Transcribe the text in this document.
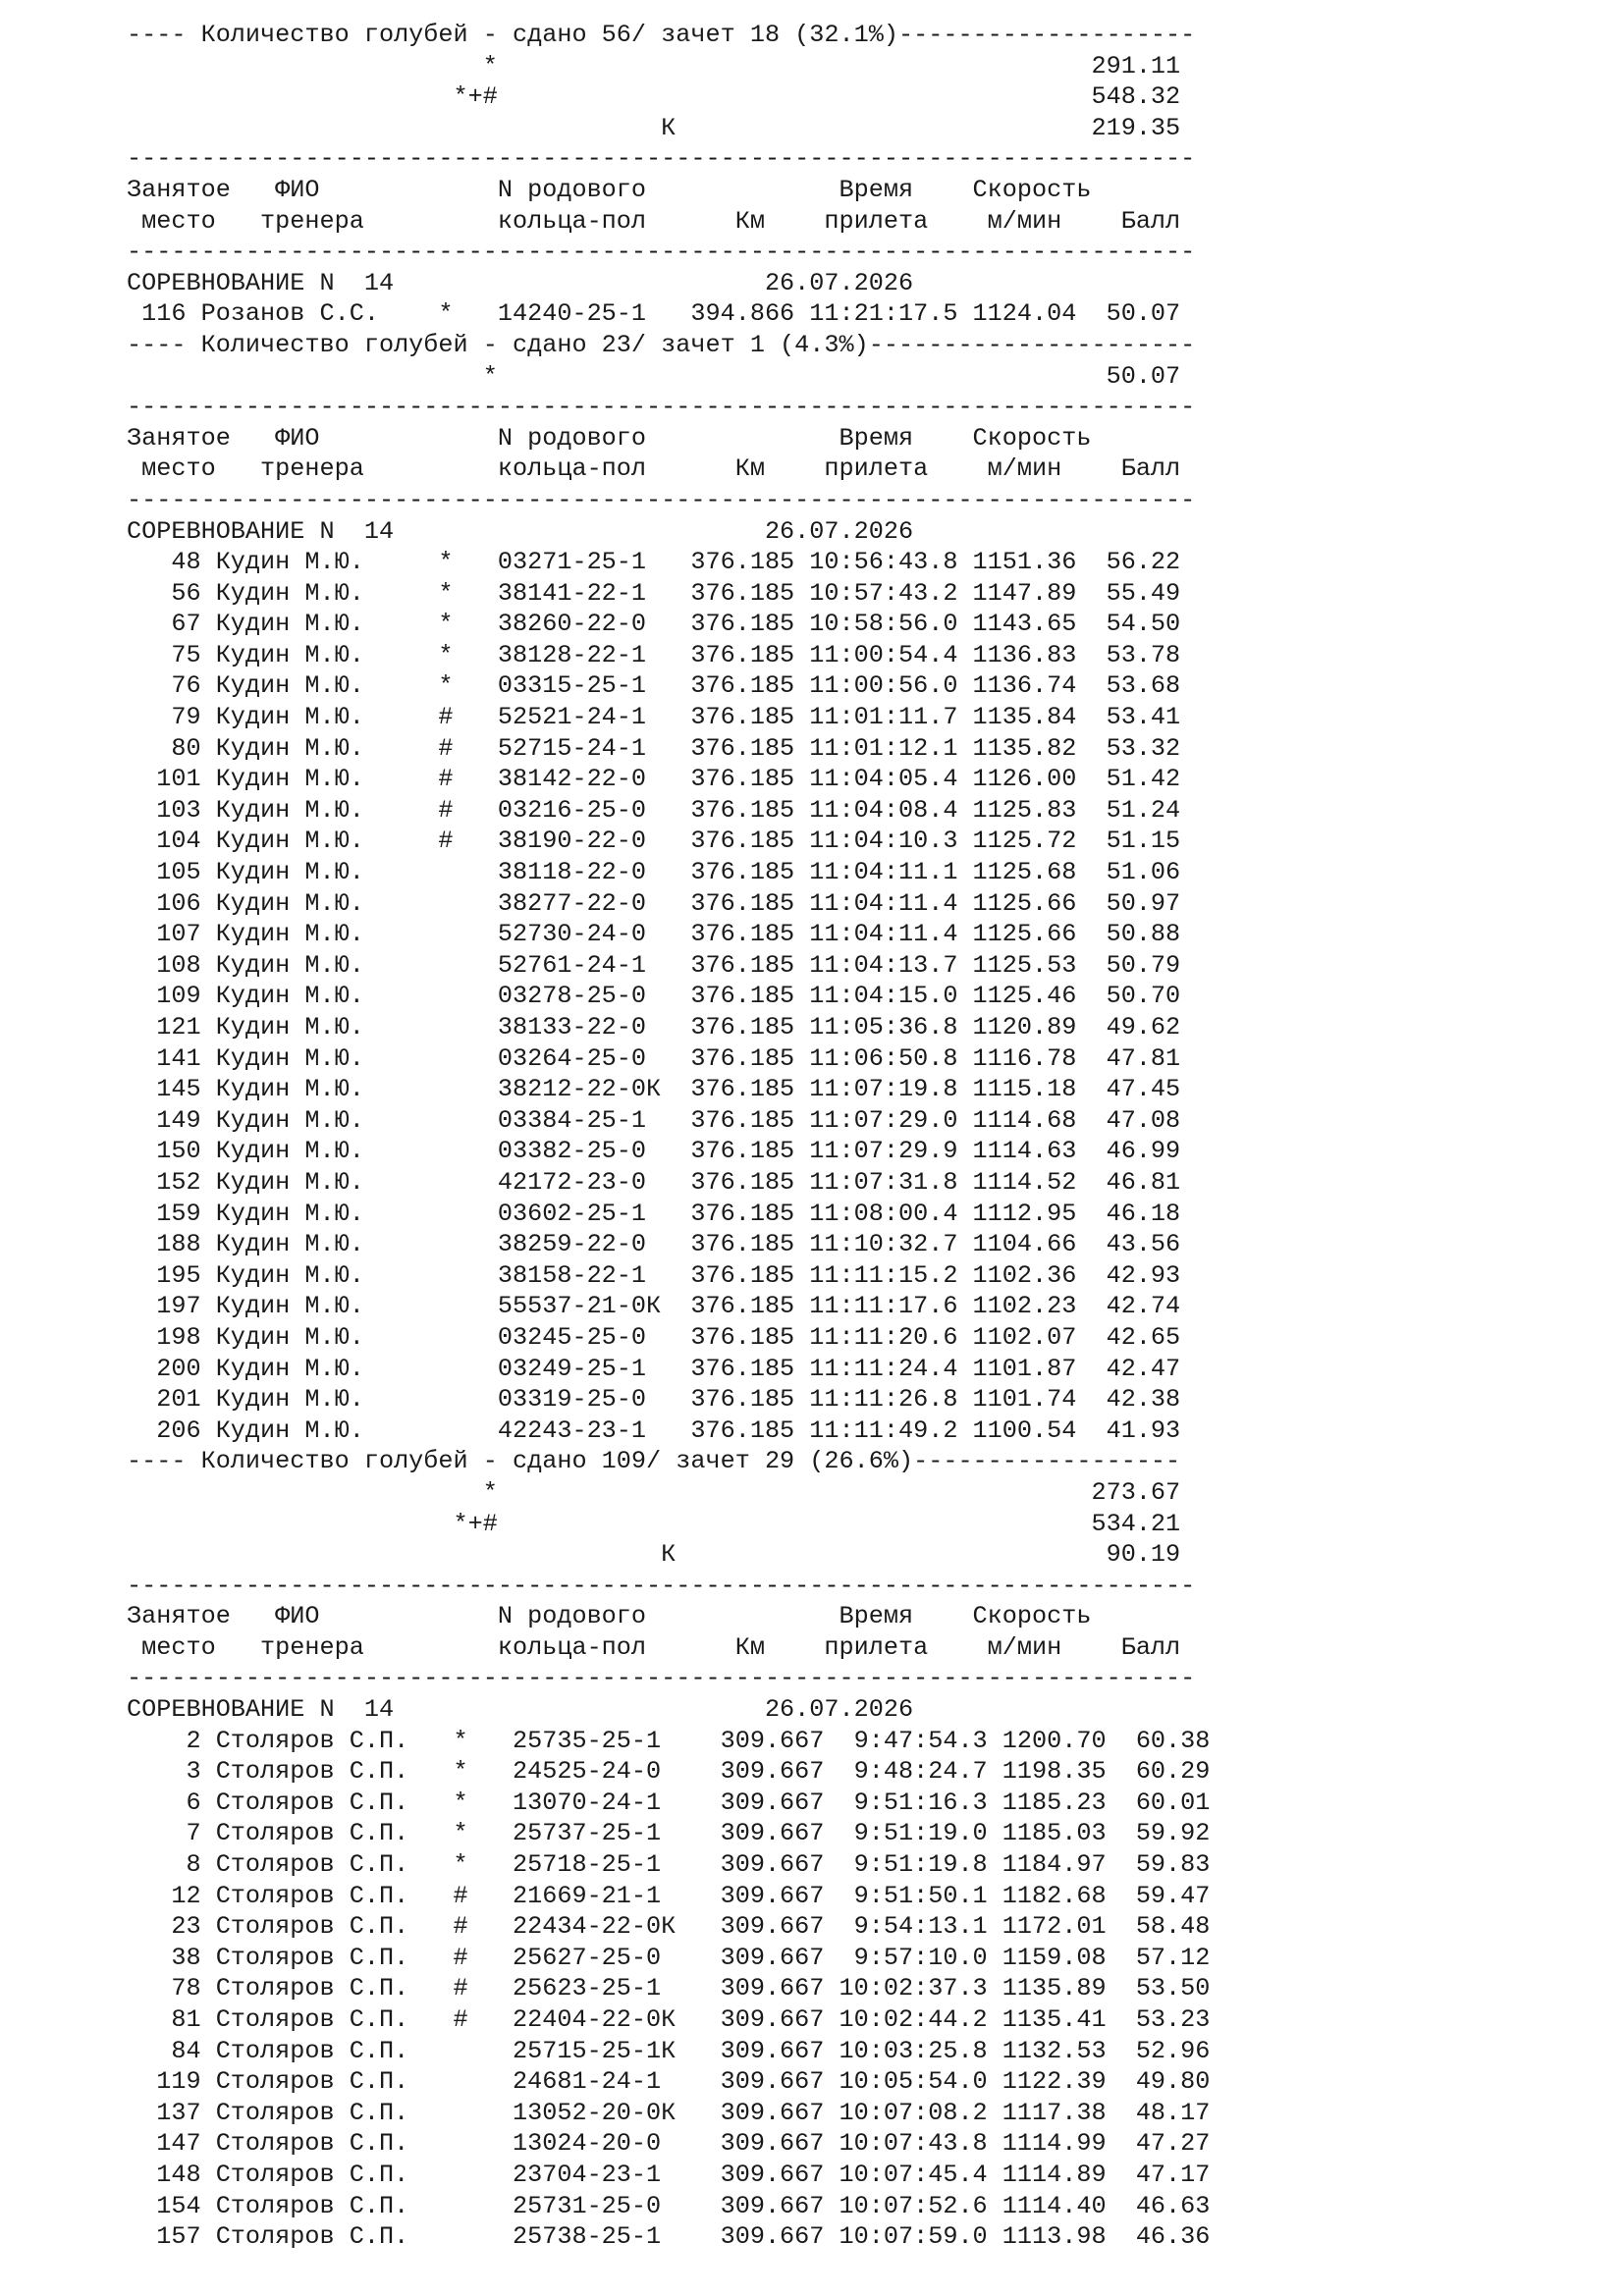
---- Количество голубей - сдано 56/ зачет 18 (32.1%)--------------------
*                                        291.11
*+#                                        548.32
К                            219.35
------------------------------------------------------------------------
Занятое   ФИО            N родового             Время    Скорость
место   тренера         кольца-пол      Км    прилета    м/мин    Балл
------------------------------------------------------------------------
СОРЕВНОВАНИЕ N  14                         26.07.2026
116 Розанов С.С.    *   14240-25-1   394.866 11:21:17.5 1124.04  50.07
---- Количество голубей - сдано 23/ зачет 1 (4.3%)----------------------
*                                         50.07
------------------------------------------------------------------------
Занятое   ФИО            N родового             Время    Скорость
место   тренера         кольца-пол      Км    прилета    м/мин    Балл
------------------------------------------------------------------------
СОРЕВНОВАНИЕ N  14                         26.07.2026
48 Кудин М.Ю.     *   03271-25-1   376.185 10:56:43.8 1151.36  56.22
56 Кудин М.Ю.     *   38141-22-1   376.185 10:57:43.2 1147.89  55.49
67 Кудин М.Ю.     *   38260-22-0   376.185 10:58:56.0 1143.65  54.50
75 Кудин М.Ю.     *   38128-22-1   376.185 11:00:54.4 1136.83  53.78
76 Кудин М.Ю.     *   03315-25-1   376.185 11:00:56.0 1136.74  53.68
79 Кудин М.Ю.     #   52521-24-1   376.185 11:01:11.7 1135.84  53.41
80 Кудин М.Ю.     #   52715-24-1   376.185 11:01:12.1 1135.82  53.32
101 Кудин М.Ю.     #   38142-22-0   376.185 11:04:05.4 1126.00  51.42
103 Кудин М.Ю.     #   03216-25-0   376.185 11:04:08.4 1125.83  51.24
104 Кудин М.Ю.     #   38190-22-0   376.185 11:04:10.3 1125.72  51.15
105 Кудин М.Ю.         38118-22-0   376.185 11:04:11.1 1125.68  51.06
106 Кудин М.Ю.         38277-22-0   376.185 11:04:11.4 1125.66  50.97
107 Кудин М.Ю.         52730-24-0   376.185 11:04:11.4 1125.66  50.88
108 Кудин М.Ю.         52761-24-1   376.185 11:04:13.7 1125.53  50.79
109 Кудин М.Ю.         03278-25-0   376.185 11:04:15.0 1125.46  50.70
121 Кудин М.Ю.         38133-22-0   376.185 11:05:36.8 1120.89  49.62
141 Кудин М.Ю.         03264-25-0   376.185 11:06:50.8 1116.78  47.81
145 Кудин М.Ю.         38212-22-0К  376.185 11:07:19.8 1115.18  47.45
149 Кудин М.Ю.         03384-25-1   376.185 11:07:29.0 1114.68  47.08
150 Кудин М.Ю.         03382-25-0   376.185 11:07:29.9 1114.63  46.99
152 Кудин М.Ю.         42172-23-0   376.185 11:07:31.8 1114.52  46.81
159 Кудин М.Ю.         03602-25-1   376.185 11:08:00.4 1112.95  46.18
188 Кудин М.Ю.         38259-22-0   376.185 11:10:32.7 1104.66  43.56
195 Кудин М.Ю.         38158-22-1   376.185 11:11:15.2 1102.36  42.93
197 Кудин М.Ю.         55537-21-0К  376.185 11:11:17.6 1102.23  42.74
198 Кудин М.Ю.         03245-25-0   376.185 11:11:20.6 1102.07  42.65
200 Кудин М.Ю.         03249-25-1   376.185 11:11:24.4 1101.87  42.47
201 Кудин М.Ю.         03319-25-0   376.185 11:11:26.8 1101.74  42.38
206 Кудин М.Ю.         42243-23-1   376.185 11:11:49.2 1100.54  41.93
---- Количество голубей - сдано 109/ зачет 29 (26.6%)------------------
*                                        273.67
*+#                                        534.21
К                             90.19
------------------------------------------------------------------------
Занятое   ФИО            N родового             Время    Скорость
место   тренера         кольца-пол      Км    прилета    м/мин    Балл
------------------------------------------------------------------------
СОРЕВНОВАНИЕ N  14                         26.07.2026
2 Столяров С.П.   *   25735-25-1    309.667  9:47:54.3 1200.70  60.38
3 Столяров С.П.   *   24525-24-0    309.667  9:48:24.7 1198.35  60.29
6 Столяров С.П.   *   13070-24-1    309.667  9:51:16.3 1185.23  60.01
7 Столяров С.П.   *   25737-25-1    309.667  9:51:19.0 1185.03  59.92
8 Столяров С.П.   *   25718-25-1    309.667  9:51:19.8 1184.97  59.83
12 Столяров С.П.   #   21669-21-1    309.667  9:51:50.1 1182.68  59.47
23 Столяров С.П.   #   22434-22-0К   309.667  9:54:13.1 1172.01  58.48
38 Столяров С.П.   #   25627-25-0    309.667  9:57:10.0 1159.08  57.12
78 Столяров С.П.   #   25623-25-1    309.667 10:02:37.3 1135.89  53.50
81 Столяров С.П.   #   22404-22-0К   309.667 10:02:44.2 1135.41  53.23
84 Столяров С.П.       25715-25-1К   309.667 10:03:25.8 1132.53  52.96
119 Столяров С.П.       24681-24-1    309.667 10:05:54.0 1122.39  49.80
137 Столяров С.П.       13052-20-0К   309.667 10:07:08.2 1117.38  48.17
147 Столяров С.П.       13024-20-0    309.667 10:07:43.8 1114.99  47.27
148 Столяров С.П.       23704-23-1    309.667 10:07:45.4 1114.89  47.17
154 Столяров С.П.       25731-25-0    309.667 10:07:52.6 1114.40  46.63
157 Столяров С.П.       25738-25-1    309.667 10:07:59.0 1113.98  46.36
